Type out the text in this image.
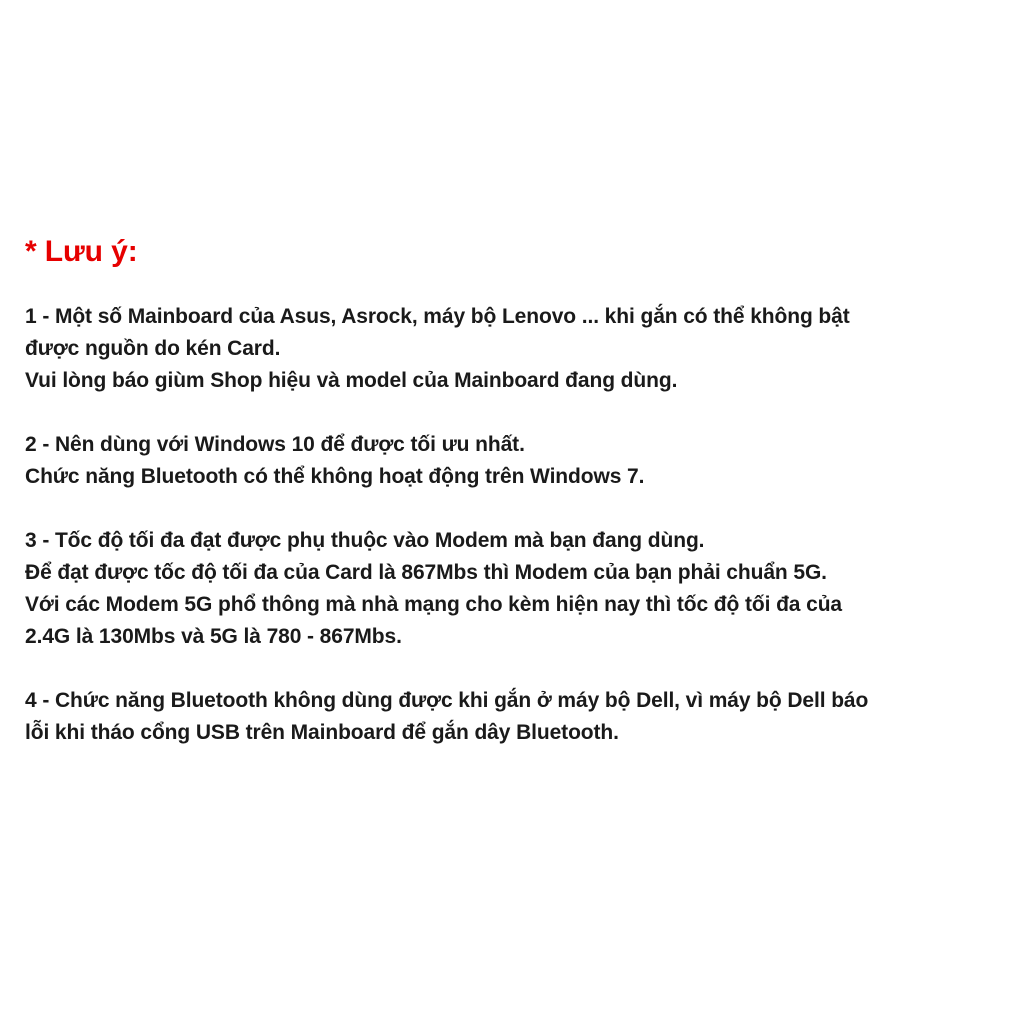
* Lưu ý:
1 - Một số Mainboard của Asus, Asrock, máy bộ Lenovo ... khi gắn có thể không bật
được nguồn do kén Card.
Vui lòng báo giùm Shop hiệu và model của Mainboard đang dùng.
2 - Nên dùng với Windows 10 để được tối ưu nhất.
Chức năng Bluetooth có thể không hoạt động trên Windows 7.
3 - Tốc độ tối đa đạt được phụ thuộc vào Modem mà bạn đang dùng.
Để đạt được tốc độ tối đa của Card là 867Mbs thì Modem của bạn phải chuẩn 5G.
Với các Modem 5G phổ thông mà nhà mạng cho kèm hiện nay thì tốc độ tối đa của
2.4G là 130Mbs và 5G là 780 - 867Mbs.
4 - Chức năng Bluetooth không dùng được khi gắn ở máy bộ Dell, vì máy bộ Dell báo
lỗi khi tháo cổng USB trên Mainboard để gắn dây Bluetooth.
